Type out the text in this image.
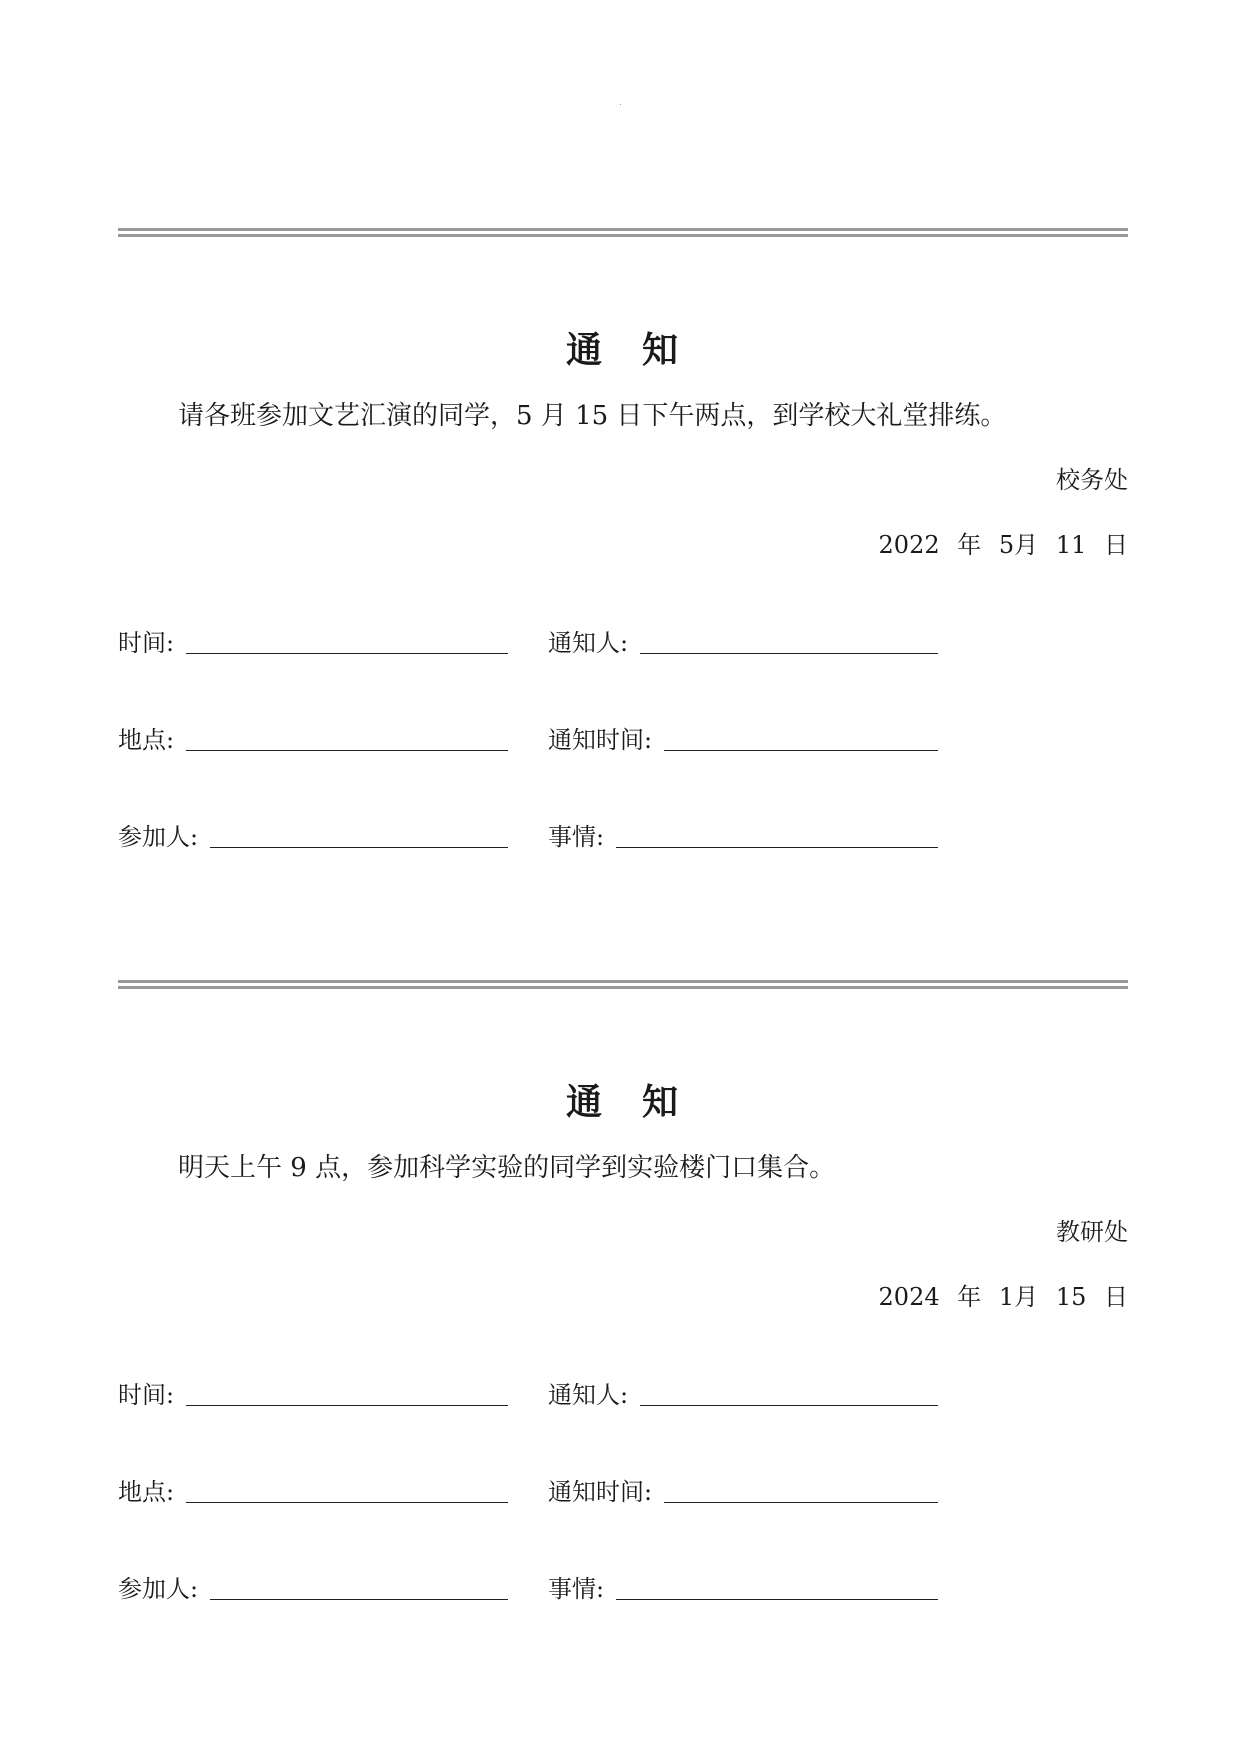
通　知
请各班参加文艺汇演的同学，5 月 15 日下午两点，到学校大礼堂排练。
校务处
2022 年 5月 11 日
时间:	通知人:
地点:	通知时间:
参加人:	事情:
通　知
明天上午 9 点，参加科学实验的同学到实验楼门口集合。
教研处
2024 年 1月 15 日
时间:	通知人:
地点:	通知时间:
参加人:	事情:
